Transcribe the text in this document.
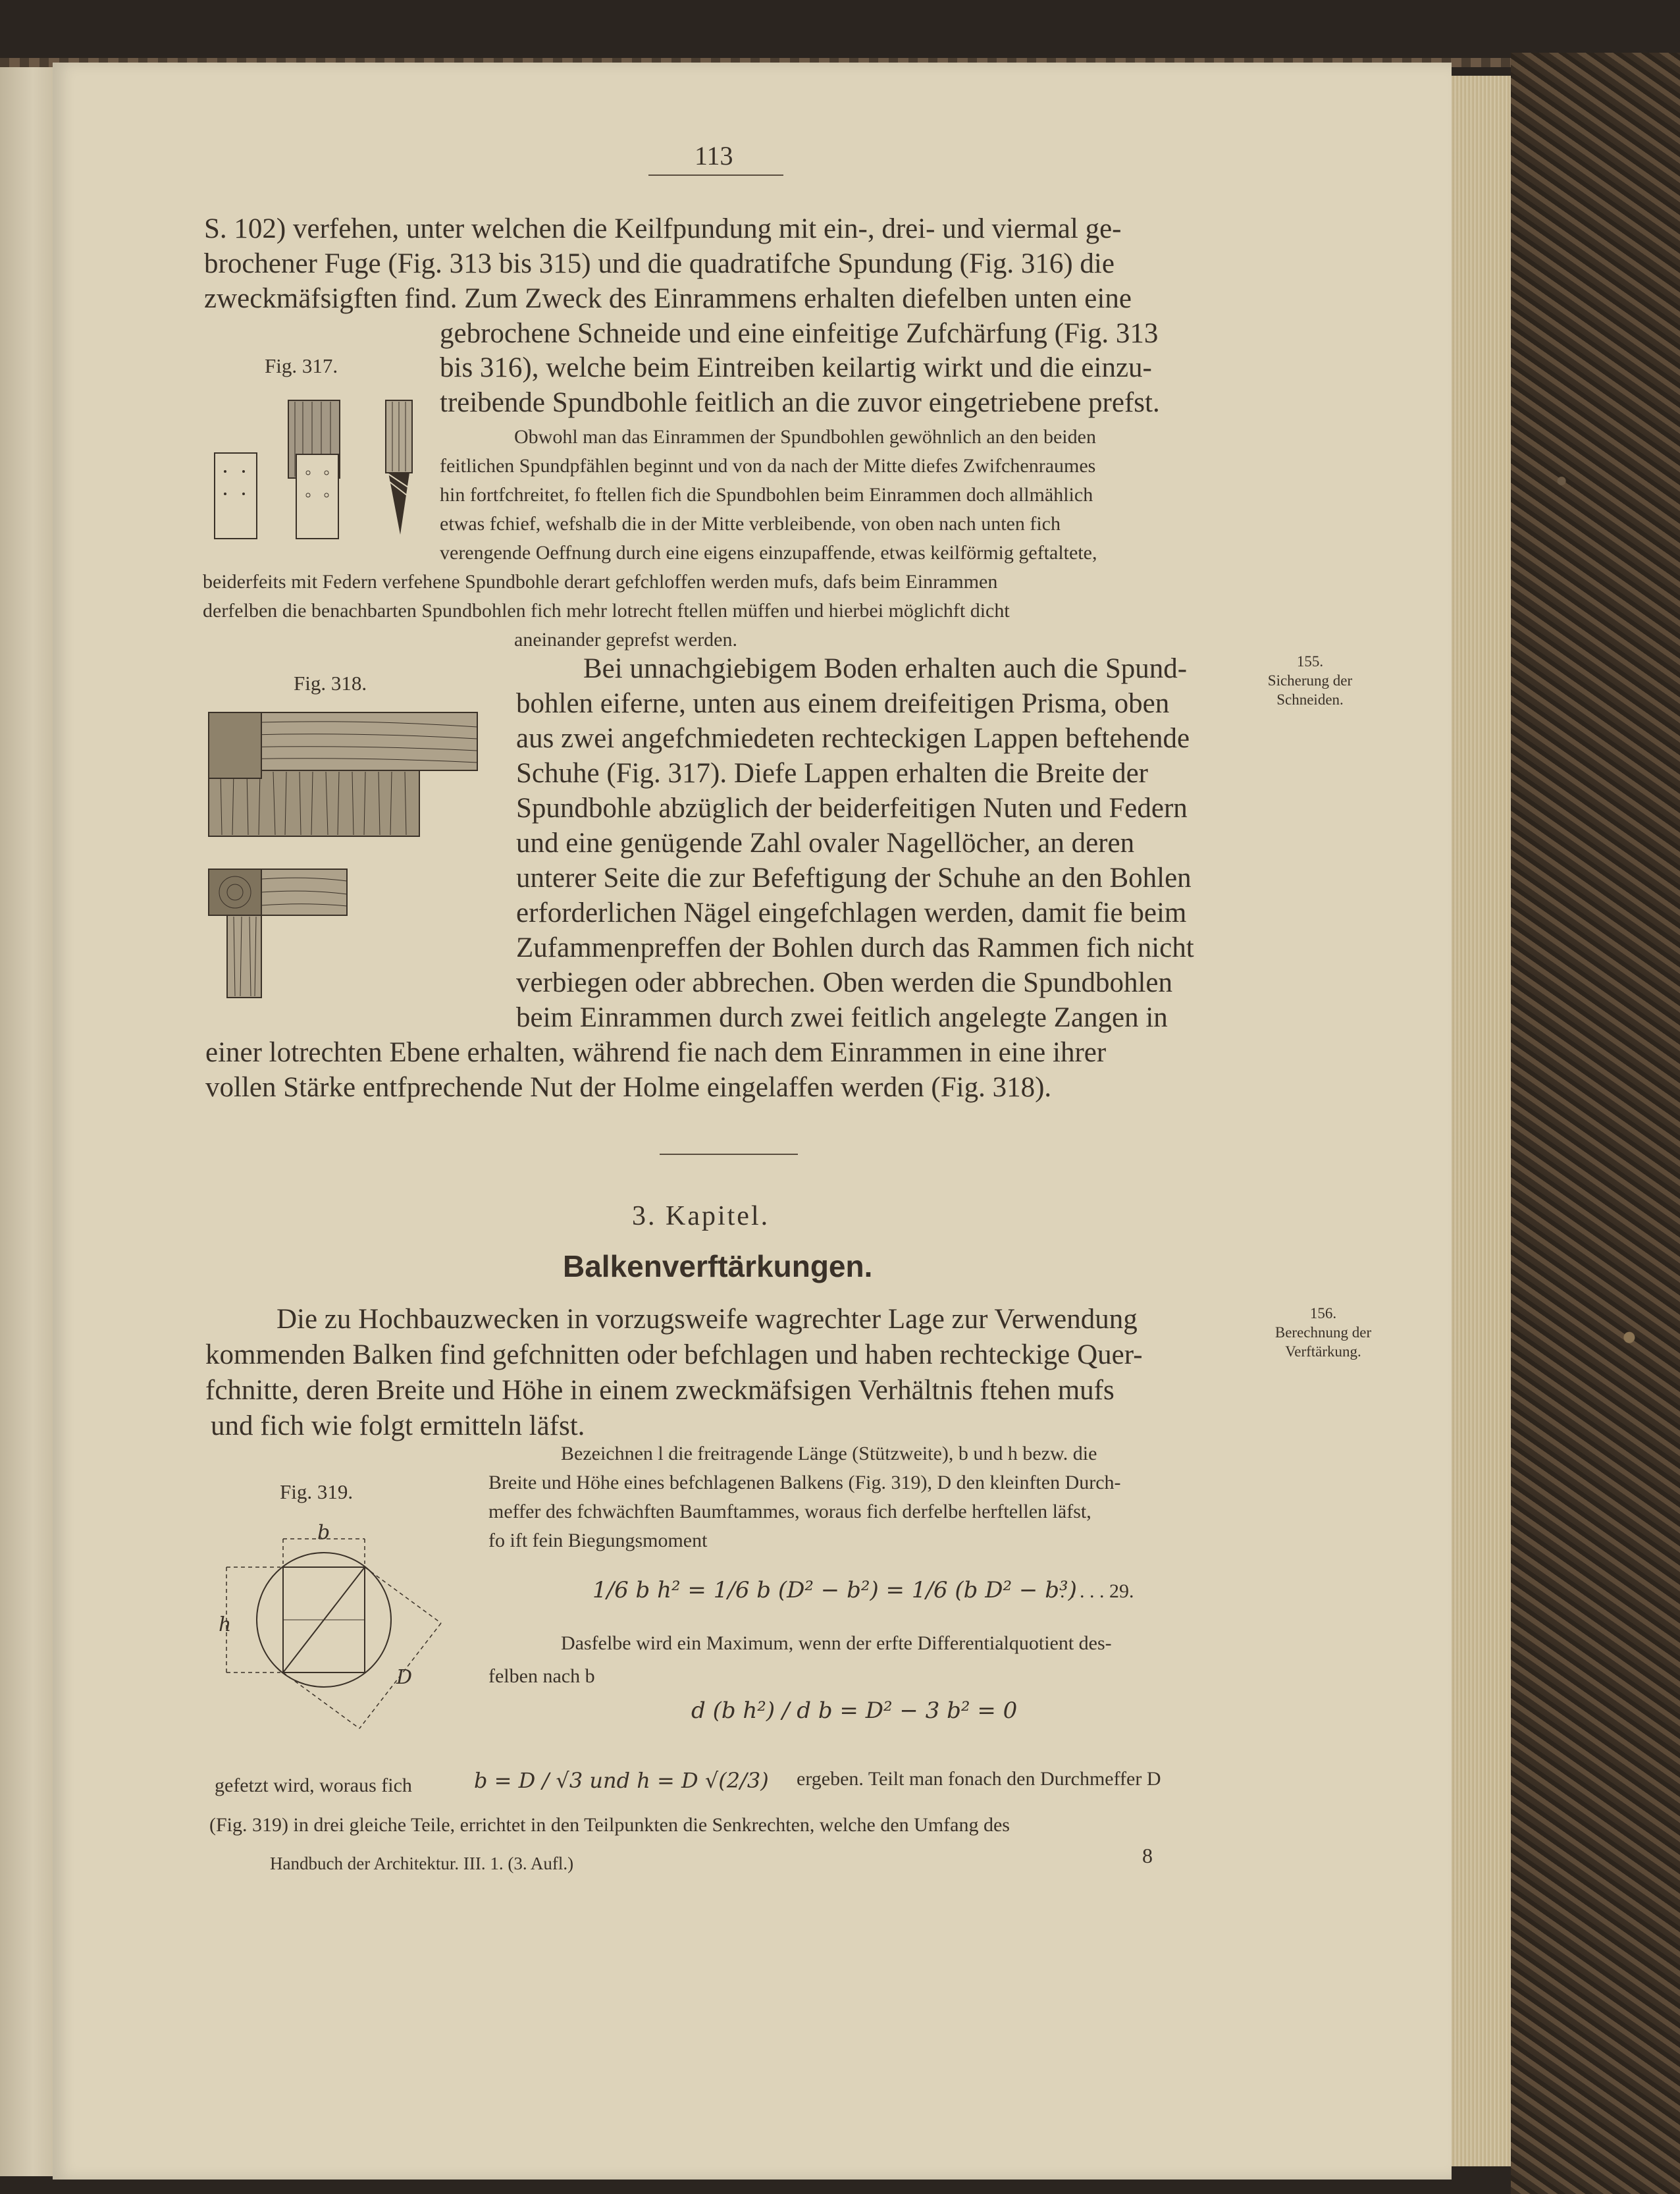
113
S. 102) verfehen, unter welchen die Keilfpundung mit ein-, drei- und viermal ge-
brochener Fuge (Fig. 313 bis 315) und die quadratifche Spundung (Fig. 316) die
zweckmäfsigften find. Zum Zweck des Einrammens erhalten diefelben unten eine
gebrochene Schneide und eine einfeitige Zufchärfung (Fig. 313
bis 316), welche beim Eintreiben keilartig wirkt und die einzu-
treibende Spundbohle feitlich an die zuvor eingetriebene prefst.
Fig. 317.
Obwohl man das Einrammen der Spundbohlen gewöhnlich an den beiden
feitlichen Spundpfählen beginnt und von da nach der Mitte diefes Zwifchenraumes
hin fortfchreitet, fo ftellen fich die Spundbohlen beim Einrammen doch allmählich
etwas fchief, wefshalb die in der Mitte verbleibende, von oben nach unten fich
verengende Oeffnung durch eine eigens einzupaffende, etwas keilförmig geftaltete,
beiderfeits mit Federn verfehene Spundbohle derart gefchloffen werden mufs, dafs beim Einrammen
derfelben die benachbarten Spundbohlen fich mehr lotrecht ftellen müffen und hierbei möglichft dicht
aneinander geprefst werden.
155.
Sicherung der Schneiden.
Fig. 318.	Bei unnachgiebigem Boden erhalten auch die Spund-
bohlen eiferne, unten aus einem dreifeitigen Prisma, oben
aus zwei angefchmiedeten rechteckigen Lappen beftehende
Schuhe (Fig. 317). Diefe Lappen erhalten die Breite der
Spundbohle abzüglich der beiderfeitigen Nuten und Federn
und eine genügende Zahl ovaler Nagellöcher, an deren
unterer Seite die zur Befeftigung der Schuhe an den Bohlen
erforderlichen Nägel eingefchlagen werden, damit fie beim
Zufammenpreffen der Bohlen durch das Rammen fich nicht
verbiegen oder abbrechen. Oben werden die Spundbohlen
beim Einrammen durch zwei feitlich angelegte Zangen in
einer lotrechten Ebene erhalten, während fie nach dem Einrammen in eine ihrer
vollen Stärke entfprechende Nut der Holme eingelaffen werden (Fig. 318).
3. Kapitel.
Balkenverftärkungen.
156.
Berechnung der Verftärkung.
Die zu Hochbauzwecken in vorzugsweife wagrechter Lage zur Verwendung
kommenden Balken find gefchnitten oder befchlagen und haben rechteckige Quer-
fchnitte, deren Breite und Höhe in einem zweckmäfsigen Verhältnis ftehen mufs
und fich wie folgt ermitteln läfst.
Fig. 319.
b
h
D
Bezeichnen l die freitragende Länge (Stützweite), b und h bezw. die
Breite und Höhe eines befchlagenen Balkens (Fig. 319), D den kleinften Durch-
meffer des fchwächften Baumftammes, woraus fich derfelbe herftellen läfst,
fo ift fein Biegungsmoment
1/6 b h² = 1/6 b (D² − b²) = 1/6 (b D² − b³)
. . . . . 29.
Dasfelbe wird ein Maximum, wenn der erfte Differentialquotient des-
felben nach b
d (b h²) / d b = D² − 3 b² = 0
gefetzt wird, woraus fich	b = D / √3 und h = D √(2/3) ergeben. Teilt man fonach den Durchmeffer D
(Fig. 319) in drei gleiche Teile, errichtet in den Teilpunkten die Senkrechten, welche den Umfang des
Handbuch der Architektur. III. 1. (3. Aufl.)	8
